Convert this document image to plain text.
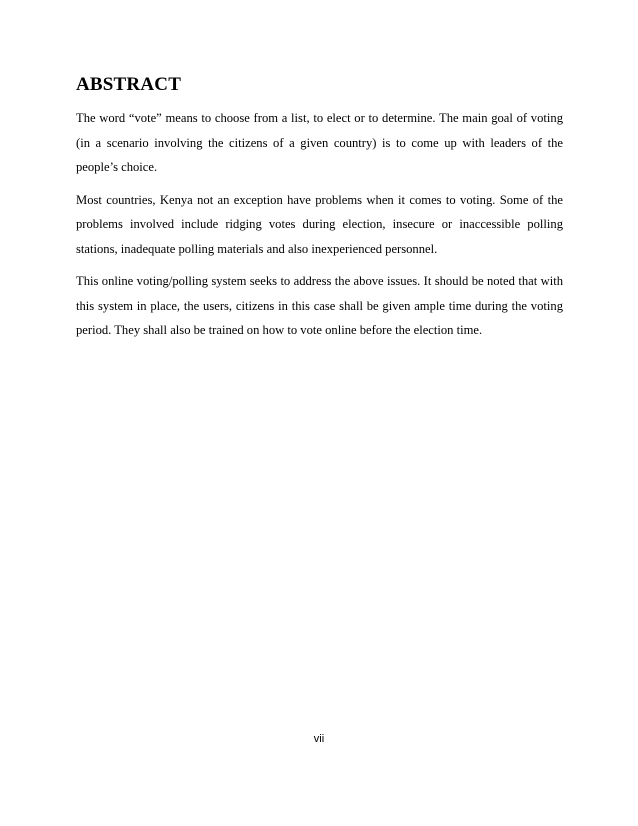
ABSTRACT

The word “vote” means to choose from a list, to elect or to determine. The main goal of voting (in a scenario involving the citizens of a given country) is to come up with leaders of the people’s choice.

Most countries, Kenya not an exception have problems when it comes to voting. Some of the problems involved include ridging votes during election, insecure or inaccessible polling stations, inadequate polling materials and also inexperienced personnel.

This online voting/polling system seeks to address the above issues. It should be noted that with this system in place, the users, citizens in this case shall be given ample time during the voting period. They shall also be trained on how to vote online before the election time.

vii
